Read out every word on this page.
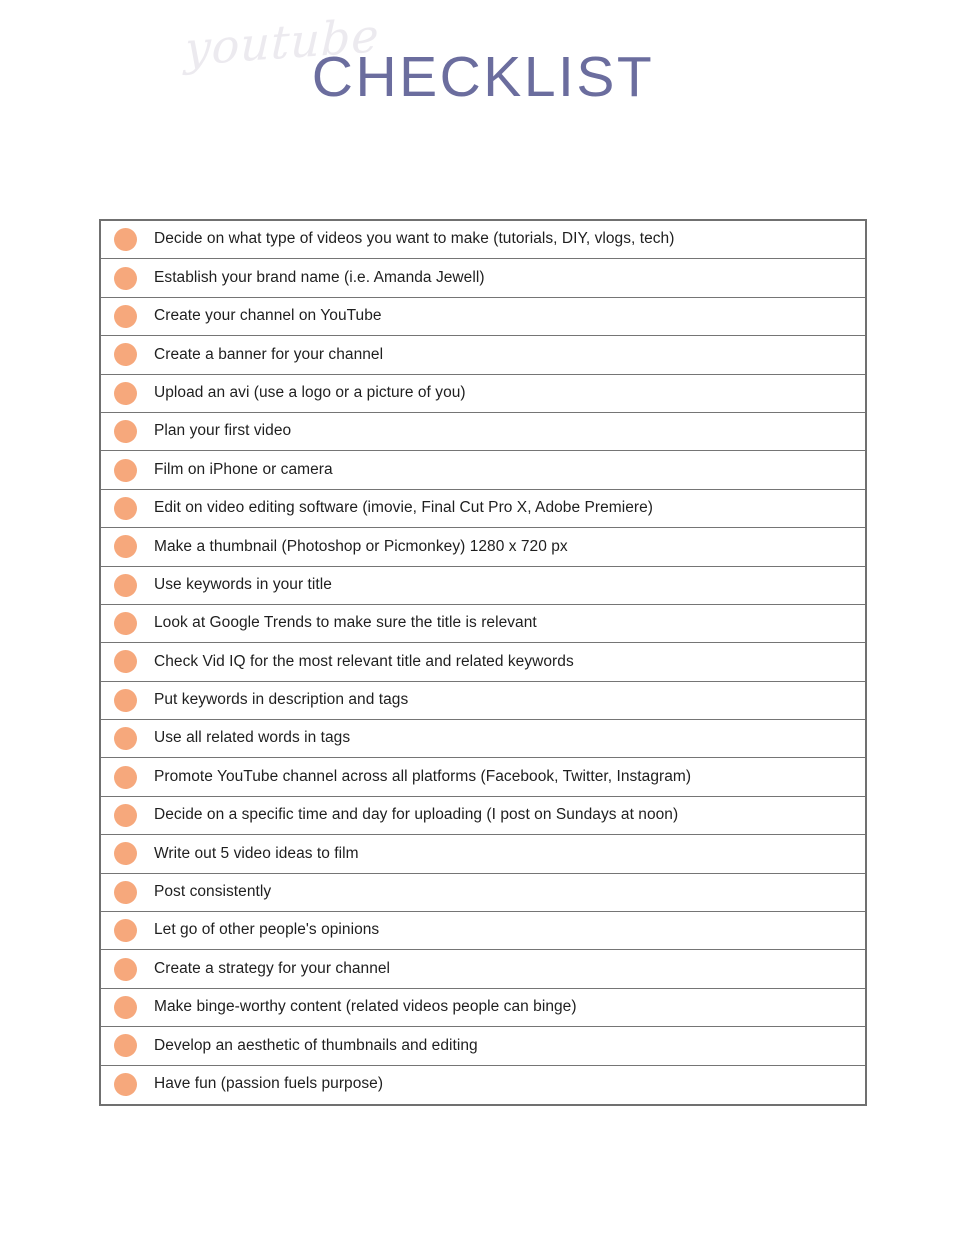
youtube
CHECKLIST
Decide on what type of videos you want to make (tutorials, DIY, vlogs, tech)
Establish your brand name (i.e. Amanda Jewell)
Create your channel on YouTube
Create a banner for your channel
Upload an avi (use a logo or a picture of you)
Plan your first video
Film on iPhone or camera
Edit on video editing software (imovie, Final Cut Pro X, Adobe Premiere)
Make a thumbnail (Photoshop or Picmonkey) 1280 x 720 px
Use keywords in your title
Look at Google Trends to make sure the title is relevant
Check Vid IQ for the most relevant title and related keywords
Put keywords in description and tags
Use all related words in tags
Promote YouTube channel across all platforms (Facebook, Twitter, Instagram)
Decide on a specific time and day for uploading (I post on Sundays at noon)
Write out 5 video ideas to film
Post consistently
Let go of other people's opinions
Create a strategy for your channel
Make binge-worthy content (related videos people can binge)
Develop an aesthetic of thumbnails and editing
Have fun (passion fuels purpose)
